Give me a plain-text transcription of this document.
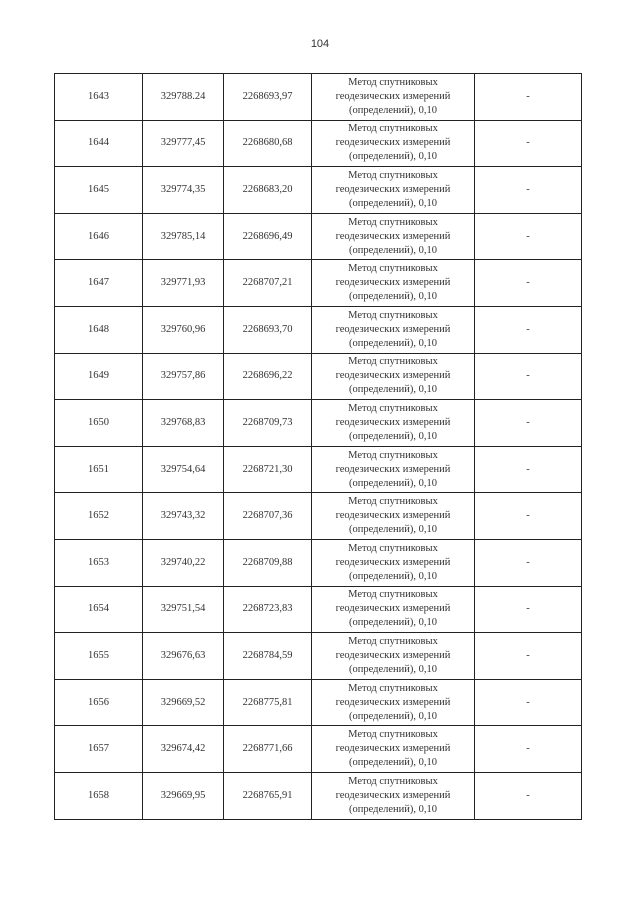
104
1643	329788.24	2268693,97	Метод спутниковых
геодезических измерений
(определений), 0,10	-
1644	329777,45	2268680,68	Метод спутниковых
геодезических измерений
(определений), 0,10	-
1645	329774,35	2268683,20	Метод спутниковых
геодезических измерений
(определений), 0,10	-
1646	329785,14	2268696,49	Метод спутниковых
геодезических измерений
(определений), 0,10	-
1647	329771,93	2268707,21	Метод спутниковых
геодезических измерений
(определений), 0,10	-
1648	329760,96	2268693,70	Метод спутниковых
геодезических измерений
(определений), 0,10	-
1649	329757,86	2268696,22	Метод спутниковых
геодезических измерений
(определений), 0,10	-
1650	329768,83	2268709,73	Метод спутниковых
геодезических измерений
(определений), 0,10	-
1651	329754,64	2268721,30	Метод спутниковых
геодезических измерений
(определений), 0,10	-
1652	329743,32	2268707,36	Метод спутниковых
геодезических измерений
(определений), 0,10	-
1653	329740,22	2268709,88	Метод спутниковых
геодезических измерений
(определений), 0,10	-
1654	329751,54	2268723,83	Метод спутниковых
геодезических измерений
(определений), 0,10	-
1655	329676,63	2268784,59	Метод спутниковых
геодезических измерений
(определений), 0,10	-
1656	329669,52	2268775,81	Метод спутниковых
геодезических измерений
(определений), 0,10	-
1657	329674,42	2268771,66	Метод спутниковых
геодезических измерений
(определений), 0,10	-
1658	329669,95	2268765,91	Метод спутниковых
геодезических измерений
(определений), 0,10	-
